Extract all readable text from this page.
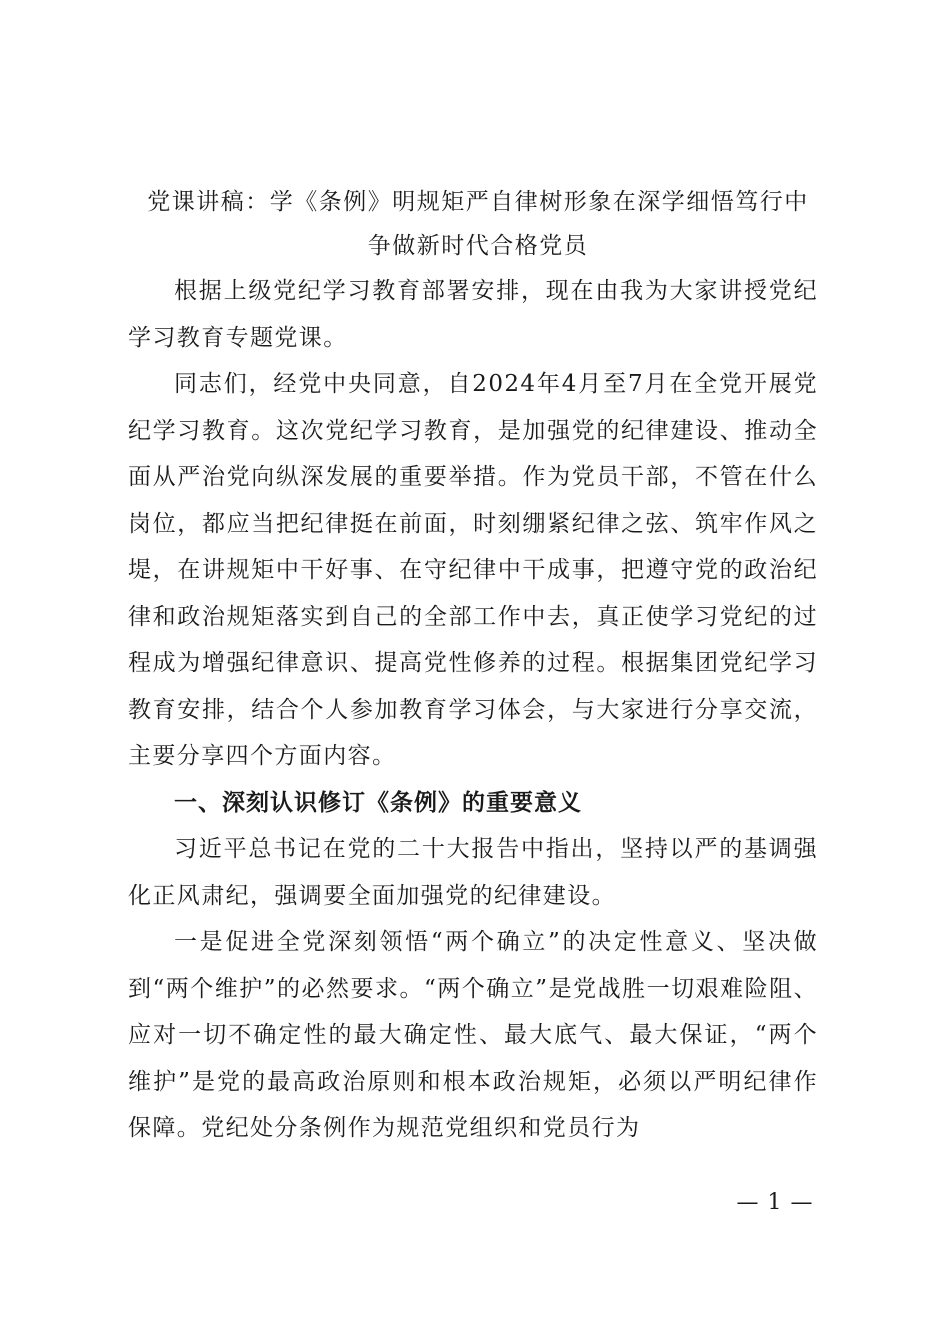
党课讲稿：学《条例》明规矩严自律树形象在深学细悟笃行中
争做新时代合格党员

根据上级党纪学习教育部署安排，现在由我为大家讲授党纪学习教育专题党课。

同志们，经党中央同意，自2024年4月至7月在全党开展党纪学习教育。这次党纪学习教育，是加强党的纪律建设、推动全面从严治党向纵深发展的重要举措。作为党员干部，不管在什么岗位，都应当把纪律挺在前面，时刻绷紧纪律之弦、筑牢作风之堤，在讲规矩中干好事、在守纪律中干成事，把遵守党的政治纪律和政治规矩落实到自己的全部工作中去，真正使学习党纪的过程成为增强纪律意识、提高党性修养的过程。根据集团党纪学习教育安排，结合个人参加教育学习体会，与大家进行分享交流，主要分享四个方面内容。

一、深刻认识修订《条例》的重要意义

习近平总书记在党的二十大报告中指出，坚持以严的基调强化正风肃纪，强调要全面加强党的纪律建设。

一是促进全党深刻领悟“两个确立”的决定性意义、坚决做到“两个维护”的必然要求。“两个确立”是党战胜一切艰难险阻、应对一切不确定性的最大确定性、最大底气、最大保证，“两个维护”是党的最高政治原则和根本政治规矩，必须以严明纪律作保障。党纪处分条例作为规范党组织和党员行为

— 1 —
